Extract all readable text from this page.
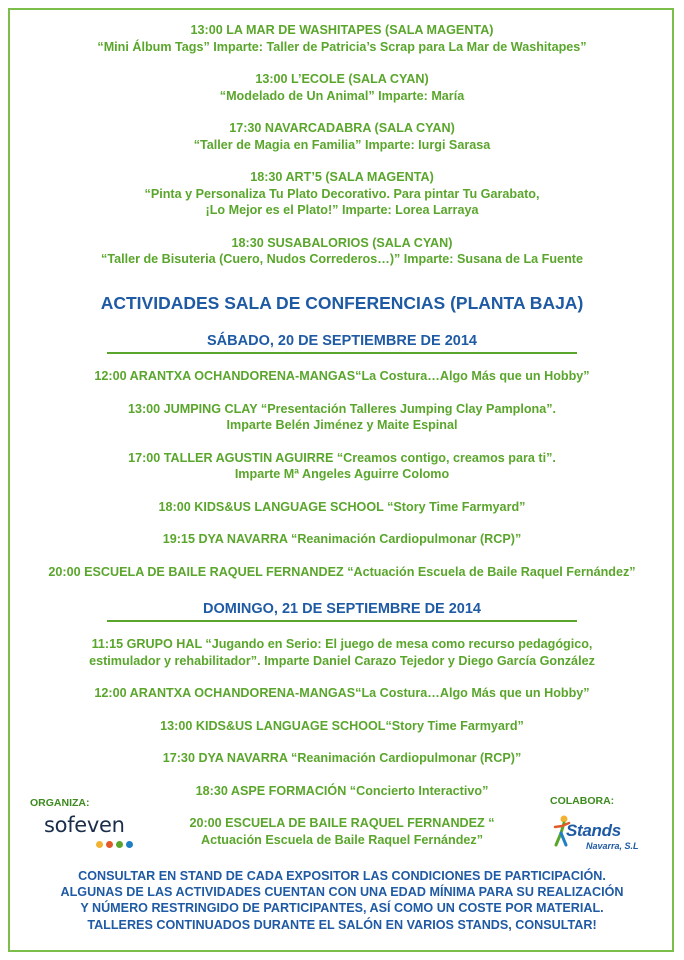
13:00 LA MAR DE WASHITAPES (SALA MAGENTA)
“Mini Álbum Tags” Imparte: Taller de Patricia’s Scrap para La Mar de Washitapes”
13:00 L’ECOLE (SALA CYAN)
“Modelado de Un Animal” Imparte: María
17:30 NAVARCADABRA (SALA CYAN)
“Taller de Magia en Familia” Imparte: Iurgi Sarasa
18:30 ART’5 (SALA MAGENTA)
“Pinta y Personaliza Tu Plato Decorativo. Para pintar Tu Garabato,
¡Lo Mejor es el Plato!” Imparte: Lorea Larraya
18:30 SUSABALORIOS (SALA CYAN)
“Taller de Bisuteria (Cuero, Nudos Correderos…)” Imparte: Susana de La Fuente
ACTIVIDADES SALA DE CONFERENCIAS (PLANTA BAJA)
SÁBADO, 20 DE SEPTIEMBRE DE 2014
12:00 ARANTXA OCHANDORENA-MANGAS“La Costura…Algo Más que un Hobby”
13:00 JUMPING CLAY “Presentación Talleres Jumping Clay Pamplona”.
Imparte Belén Jiménez y Maite Espinal
17:00 TALLER AGUSTIN AGUIRRE “Creamos contigo, creamos para ti”.
Imparte Mª Angeles Aguirre Colomo
18:00 KIDS&US LANGUAGE SCHOOL “Story Time Farmyard”
19:15 DYA NAVARRA “Reanimación Cardiopulmonar (RCP)”
20:00 ESCUELA DE BAILE RAQUEL FERNANDEZ “Actuación Escuela de Baile Raquel Fernández”
DOMINGO, 21 DE SEPTIEMBRE DE 2014
11:15 GRUPO HAL “Jugando en Serio: El juego de mesa como recurso pedagógico,
estimulador y rehabilitador”. Imparte Daniel Carazo Tejedor y Diego García González
12:00 ARANTXA OCHANDORENA-MANGAS“La Costura…Algo Más que un Hobby”
13:00 KIDS&US LANGUAGE SCHOOL“Story Time Farmyard”
17:30 DYA NAVARRA “Reanimación Cardiopulmonar (RCP)”
18:30 ASPE FORMACIÓN “Concierto Interactivo”
20:00 ESCUELA DE BAILE RAQUEL FERNANDEZ “
Actuación Escuela de Baile Raquel Fernández”
ORGANIZA:
sofeven
COLABORA:
Stands
Navarra, S.L
CONSULTAR EN STAND DE CADA EXPOSITOR LAS CONDICIONES DE PARTICIPACIÓN.
ALGUNAS DE LAS ACTIVIDADES CUENTAN CON UNA EDAD MÍNIMA PARA SU REALIZACIÓN
Y NÚMERO RESTRINGIDO DE PARTICIPANTES, ASÍ COMO UN COSTE POR MATERIAL.
TALLERES CONTINUADOS DURANTE EL SALÓN EN VARIOS STANDS, CONSULTAR!
